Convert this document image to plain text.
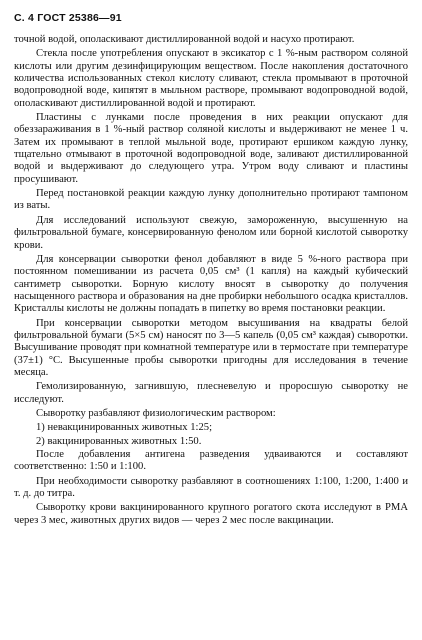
С. 4 ГОСТ 25386—91

точной водой, ополаскивают дистиллированной водой и насухо протирают.

Стекла после употребления опускают в эксикатор с 1 %-ным раствором соляной кислоты или другим дезинфицирующим веществом. После накопления достаточного количества использованных стекол кислоту сливают, стекла промывают в проточной водопроводной воде, кипятят в мыльном растворе, промывают водопроводной водой, ополаскивают дистиллированной водой и протирают.

Пластины с лунками после проведения в них реакции опускают для обеззараживания в 1 %-ный раствор соляной кислоты и выдерживают не менее 1 ч. Затем их промывают в теплой мыльной воде, протирают ершиком каждую лунку, тщательно отмывают в проточной водопроводной воде, заливают дистиллированной водой и выдерживают до следующего утра. Утром воду сливают и пластины просушивают.

Перед постановкой реакции каждую лунку дополнительно протирают тампоном из ваты.

Для исследований используют свежую, замороженную, высушенную на фильтровальной бумаге, консервированную фенолом или борной кислотой сыворотку крови.

Для консервации сыворотки фенол добавляют в виде 5 %-ного раствора при постоянном помешивании из расчета 0,05 см³ (1 капля) на каждый кубический сантиметр сыворотки. Борную кислоту вносят в сыворотку до получения насыщенного раствора и образования на дне пробирки небольшого осадка кристаллов. Кристаллы кислоты не должны попадать в пипетку во время постановки реакции.

При консервации сыворотки методом высушивания на квадраты белой фильтровальной бумаги (5×5 см) наносят по 3—5 капель (0,05 см³ каждая) сыворотки. Высушивание проводят при комнатной температуре или в термостате при температуре (37±1) °С. Высушенные пробы сыворотки пригодны для исследования в течение месяца.

Гемолизированную, загнившую, плесневелую и проросшую сыворотку не исследуют.

Сыворотку разбавляют физиологическим раствором:

1) невакцинированных животных 1:25;
2) вакцинированных животных 1:50.

После добавления антигена разведения удваиваются и составляют соответственно: 1:50 и 1:100.

При необходимости сыворотку разбавляют в соотношениях 1:100, 1:200, 1:400 и т. д. до титра.

Сыворотку крови вакцинированного крупного рогатого скота исследуют в РМА через 3 мес, животных других видов — через 2 мес после вакцинации.
